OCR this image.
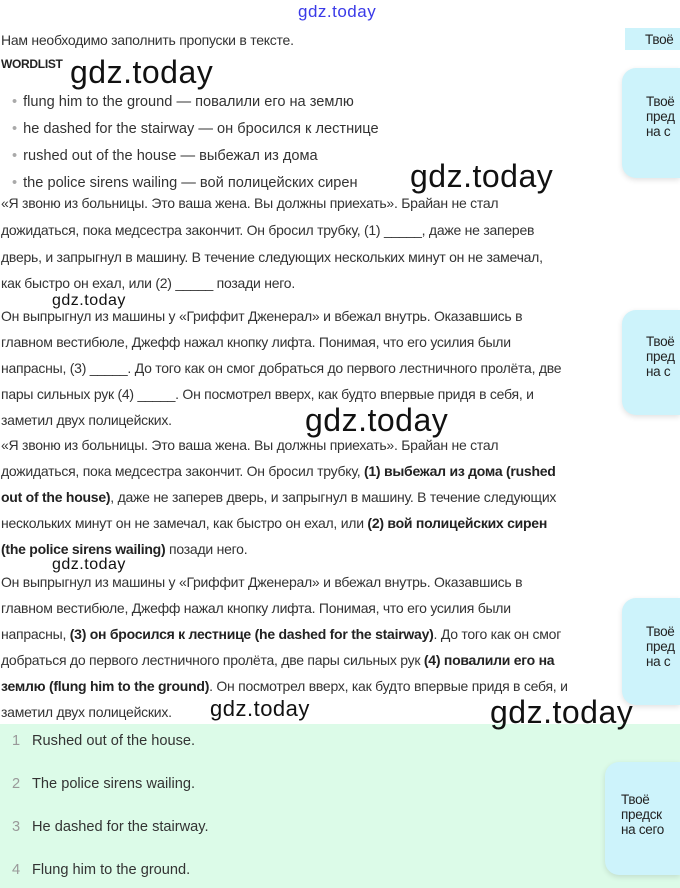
gdz.today
Нам необходимо заполнить пропуски в тексте.
WORDLIST
• flung him to the ground — повалили его на землю
• he dashed for the stairway — он бросился к лестнице
• rushed out of the house — выбежал из дома
• the police sirens wailing — вой полицейских сирен
«Я звоню из больницы. Это ваша жена. Вы должны приехать». Брайан не стал
дожидаться, пока медсестра закончит. Он бросил трубку, (1) _____, даже не заперев
дверь, и запрыгнул в машину. В течение следующих нескольких минут он не замечал,
как быстро он ехал, или (2) _____ позади него.
Он выпрыгнул из машины у «Гриффит Дженерал» и вбежал внутрь. Оказавшись в
главном вестибюле, Джефф нажал кнопку лифта. Понимая, что его усилия были
напрасны, (3) _____. До того как он смог добраться до первого лестничного пролёта, две
пары сильных рук (4) _____. Он посмотрел вверх, как будто впервые придя в себя, и
заметил двух полицейских.
«Я звоню из больницы. Это ваша жена. Вы должны приехать». Брайан не стал
дожидаться, пока медсестра закончит. Он бросил трубку, (1) выбежал из дома (rushed
out of the house), даже не заперев дверь, и запрыгнул в машину. В течение следующих
нескольких минут он не замечал, как быстро он ехал, или (2) вой полицейских сирен
(the police sirens wailing) позади него.
Он выпрыгнул из машины у «Гриффит Дженерал» и вбежал внутрь. Оказавшись в
главном вестибюле, Джефф нажал кнопку лифта. Понимая, что его усилия были
напрасны, (3) он бросился к лестнице (he dashed for the stairway). До того как он смог
добраться до первого лестничного пролёта, две пары сильных рук (4) повалили его на
землю (flung him to the ground). Он посмотрел вверх, как будто впервые придя в себя, и
заметил двух полицейских.
1 Rushed out of the house.
2 The police sirens wailing.
3 He dashed for the stairway.
4 Flung him to the ground.
Твоё
Твоё
пред
на с
Твоё
пред
на с
Твоё
пред
на с
Твоё
предск
на сего
gdz.today
gdz.today
gdz.today
gdz.today
gdz.today
gdz.today	gdz.today
